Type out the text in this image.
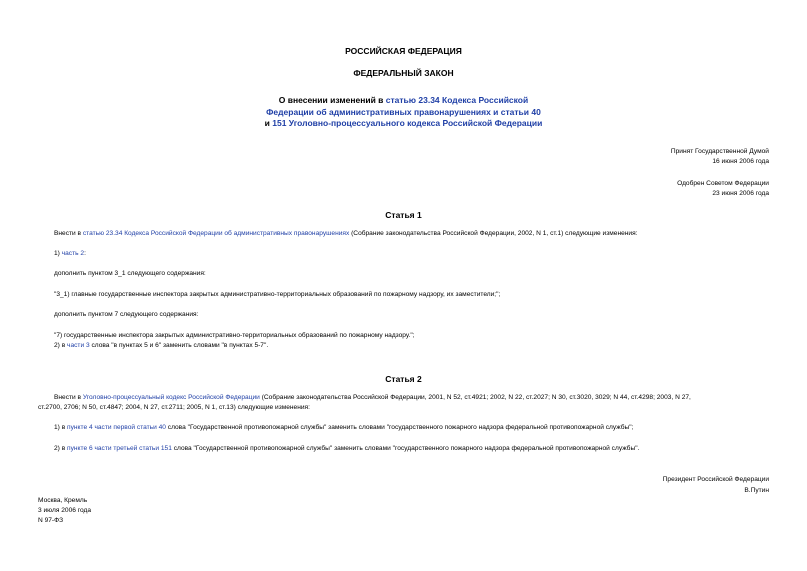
РОССИЙСКАЯ ФЕДЕРАЦИЯ
ФЕДЕРАЛЬНЫЙ ЗАКОН
О внесении изменений в статью 23.34 Кодекса Российской
Федерации об административных правонарушениях и статьи 40
и 151 Уголовно-процессуального кодекса Российской Федерации
Принят Государственной Думой
16 июня 2006 года
Одобрен Советом Федерации
23 июня 2006 года
Статья 1
Внести в статью 23.34 Кодекса Российской Федерации об административных правонарушениях (Собрание законодательства Российской Федерации, 2002, N 1, ст.1) следующие изменения:
1) часть 2:
дополнить пунктом 3_1 следующего содержания:
"3_1) главные государственные инспектора закрытых административно-территориальных образований по пожарному надзору, их заместители;";
дополнить пунктом 7 следующего содержания:
"7) государственные инспектора закрытых административно-территориальных образований по пожарному надзору.";
2) в части 3 слова "в пунктах 5 и 6" заменить словами "в пунктах 5-7".
Статья 2
Внести в Уголовно-процессуальный кодекс Российской Федерации (Собрание законодательства Российской Федерации, 2001, N 52, ст.4921; 2002, N 22, ст.2027; N 30, ст.3020, 3029; N 44, ст.4298; 2003, N 27,
ст.2700, 2706; N 50, ст.4847; 2004, N 27, ст.2711; 2005, N 1, ст.13) следующие изменения:
1) в пункте 4 части первой статьи 40 слова "Государственной противопожарной службы" заменить словами "государственного пожарного надзора федеральной противопожарной службы";
2) в пункте 6 части третьей статьи 151 слова "Государственной противопожарной службы" заменить словами "государственного пожарного надзора федеральной противопожарной службы".
Президент Российской Федерации
В.Путин
Москва, Кремль
3 июля 2006 года
N 97-ФЗ
